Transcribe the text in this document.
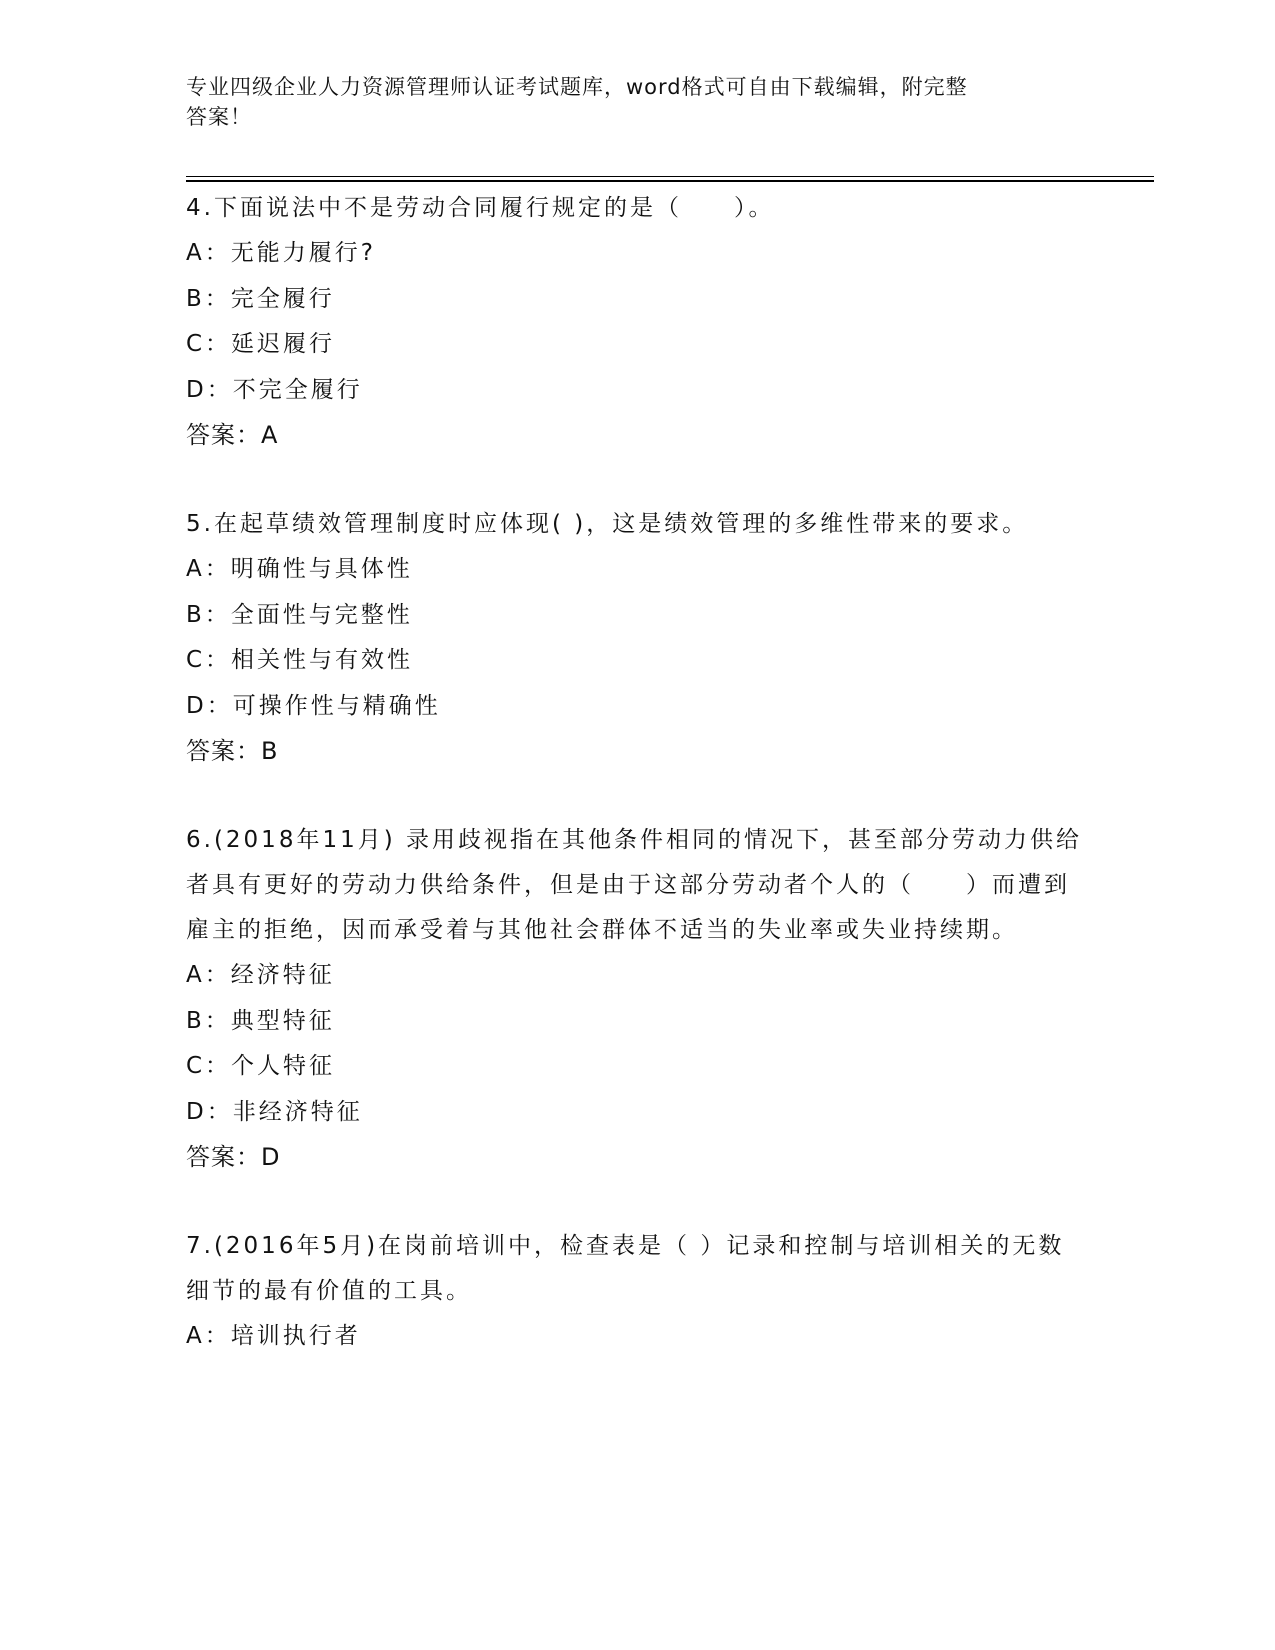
专业四级企业人力资源管理师认证考试题库，word格式可自由下载编辑，附完整
答案！

4.下面说法中不是劳动合同履行规定的是（　　）。

A：无能力履行?

B：完全履行

C：延迟履行

D：不完全履行

答案：A

5.在起草绩效管理制度时应体现( )，这是绩效管理的多维性带来的要求。

A：明确性与具体性

B：全面性与完整性

C：相关性与有效性

D：可操作性与精确性

答案：B

6.(2018年11月) 录用歧视指在其他条件相同的情况下，甚至部分劳动力供给者具有更好的劳动力供给条件，但是由于这部分劳动者个人的（　　）而遭到雇主的拒绝，因而承受着与其他社会群体不适当的失业率或失业持续期。

A：经济特征

B：典型特征

C：个人特征

D：非经济特征

答案：D

7.(2016年5月)在岗前培训中，检查表是（ ）记录和控制与培训相关的无数细节的最有价值的工具。

A：培训执行者
